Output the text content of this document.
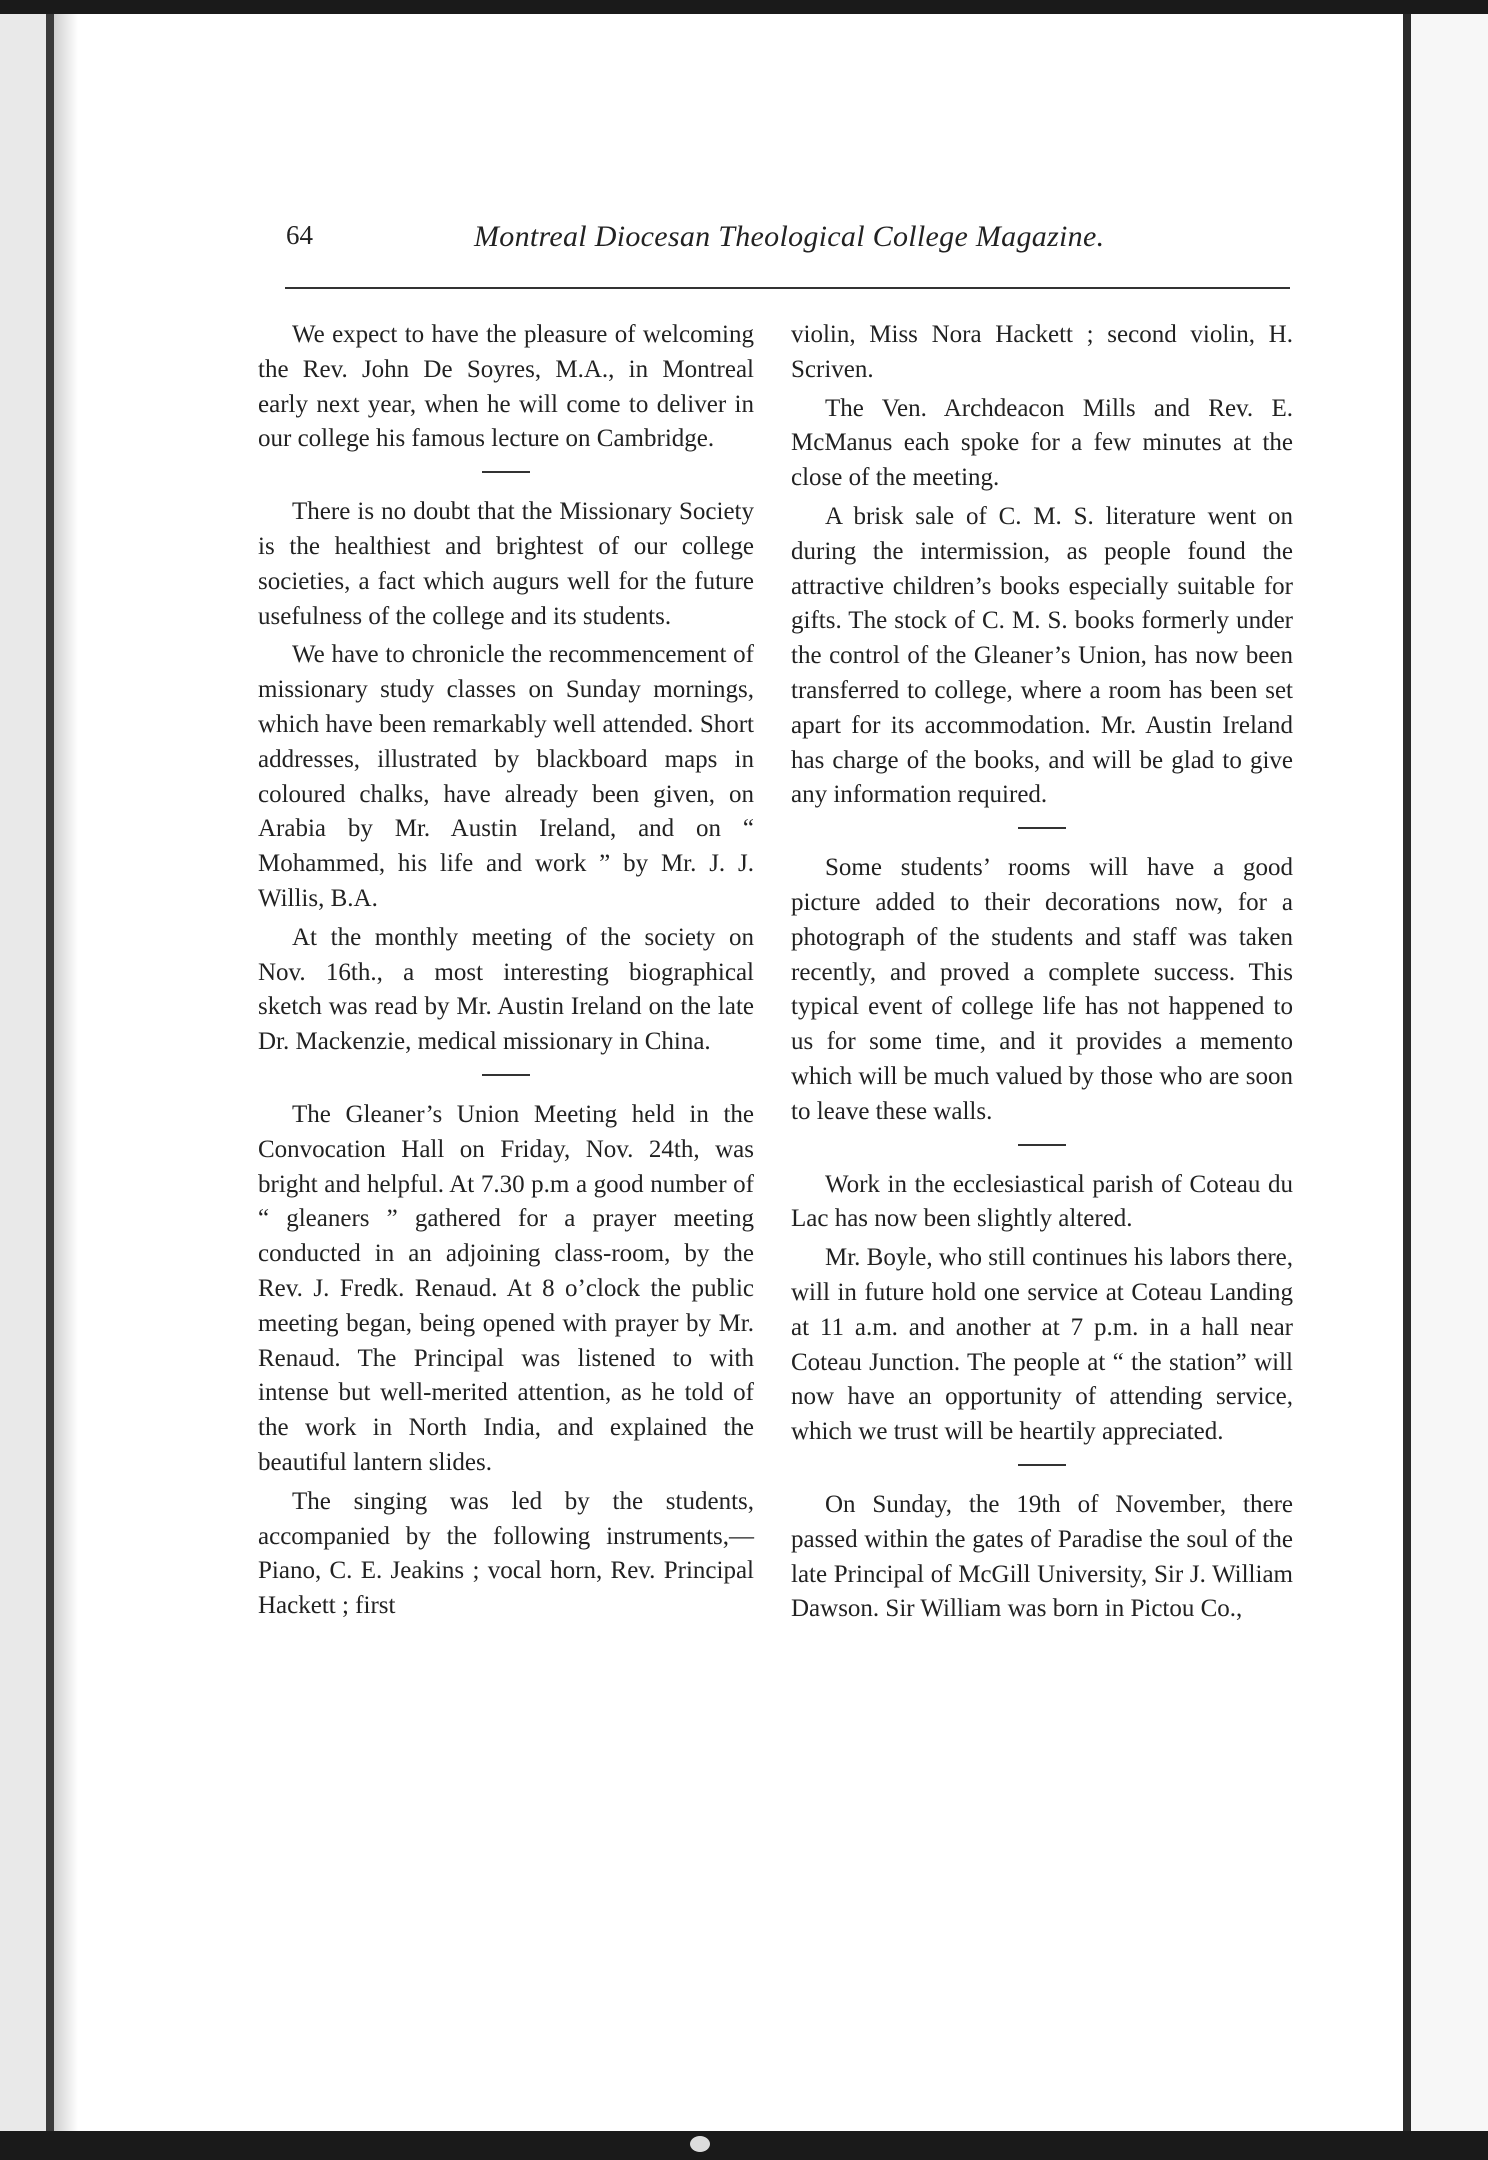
64	Montreal Diocesan Theological College Magazine.

We expect to have the pleasure of welcoming the Rev. John De Soyres, M.A., in Montreal early next year, when he will come to deliver in our college his famous lecture on Cambridge.

There is no doubt that the Missionary Society is the healthiest and brightest of our college societies, a fact which augurs well for the future usefulness of the college and its students.

We have to chronicle the recommencement of missionary study classes on Sunday mornings, which have been remarkably well attended. Short addresses, illustrated by blackboard maps in coloured chalks, have already been given, on Arabia by Mr. Austin Ireland, and on “ Mohammed, his life and work ” by Mr. J. J. Willis, B.A.

At the monthly meeting of the society on Nov. 16th., a most interesting biographical sketch was read by Mr. Austin Ireland on the late Dr. Mackenzie, medical missionary in China.

The Gleaner’s Union Meeting held in the Convocation Hall on Friday, Nov. 24th, was bright and helpful. At 7.30 p.m a good number of “ gleaners ” gathered for a prayer meeting conducted in an adjoining class-room, by the Rev. J. Fredk. Renaud. At 8 o’clock the public meeting began, being opened with prayer by Mr. Renaud. The Principal was listened to with intense but well-merited attention, as he told of the work in North India, and explained the beautiful lantern slides.

The singing was led by the students, accompanied by the following instruments,—Piano, C. E. Jeakins ; vocal horn, Rev. Principal Hackett ; first

violin, Miss Nora Hackett ; second violin, H. Scriven.

The Ven. Archdeacon Mills and Rev. E. McManus each spoke for a few minutes at the close of the meeting.

A brisk sale of C. M. S. literature went on during the intermission, as people found the attractive children’s books especially suitable for gifts. The stock of C. M. S. books formerly under the control of the Gleaner’s Union, has now been transferred to college, where a room has been set apart for its accommodation. Mr. Austin Ireland has charge of the books, and will be glad to give any information required.

Some students’ rooms will have a good picture added to their decorations now, for a photograph of the students and staff was taken recently, and proved a complete success. This typical event of college life has not happened to us for some time, and it provides a memento which will be much valued by those who are soon to leave these walls.

Work in the ecclesiastical parish of Coteau du Lac has now been slightly altered.

Mr. Boyle, who still continues his labors there, will in future hold one service at Coteau Landing at 11 a.m. and another at 7 p.m. in a hall near Coteau Junction. The people at “ the station” will now have an opportunity of attending service, which we trust will be heartily appreciated.

On Sunday, the 19th of November, there passed within the gates of Paradise the soul of the late Principal of McGill University, Sir J. William Dawson. Sir William was born in Pictou Co.,
